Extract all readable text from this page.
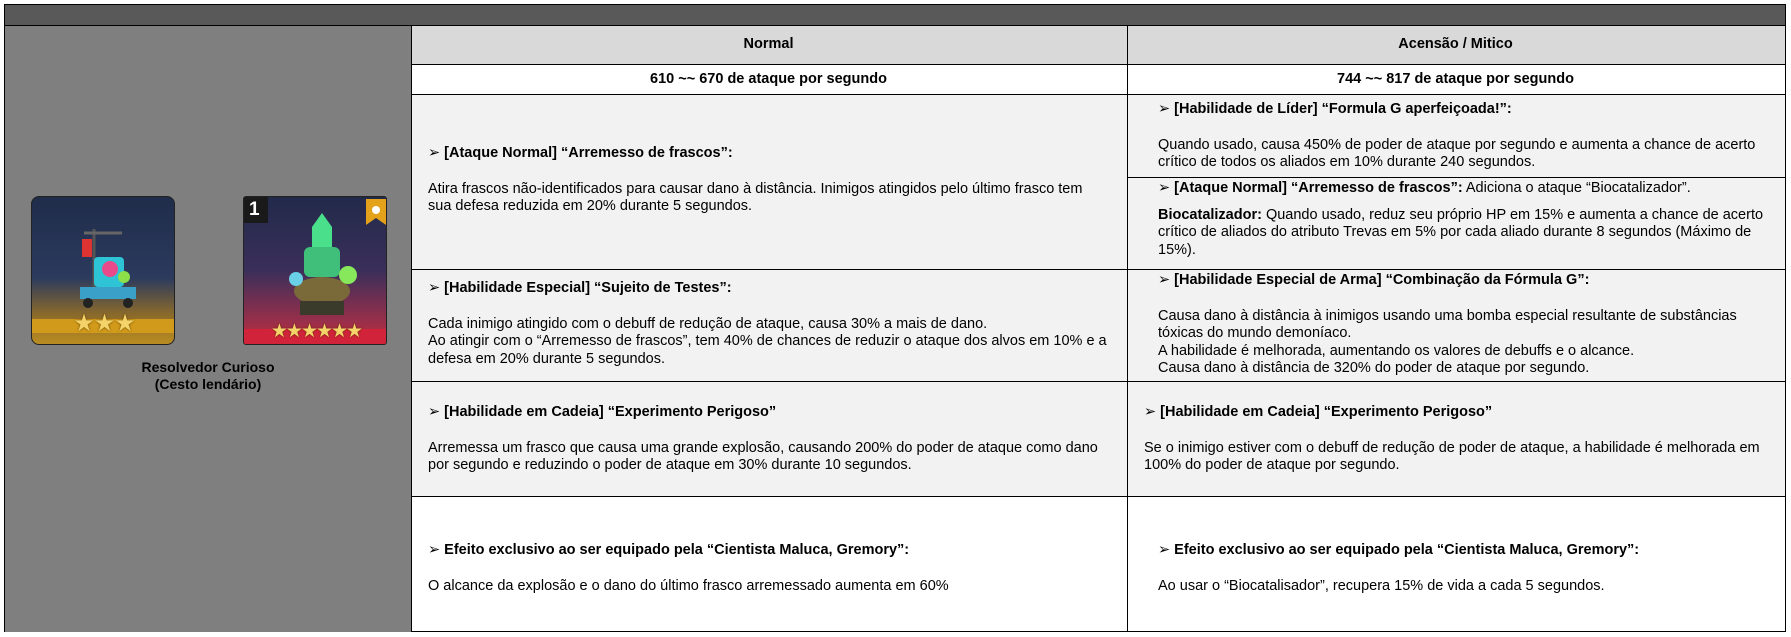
★★★
1
★★★★★★
Resolvedor Curioso
(Cesto lendário)
Normal	Acensão / Mitico
610 ~~ 670 de ataque por segundo	744 ~~ 817 de ataque por segundo
➢ [Ataque Normal] “Arremesso de frascos”:

Atira frascos não-identificados para causar dano à distância. Inimigos atingidos pelo último frasco tem sua defesa reduzida em 20% durante 5 segundos.

➢ [Habilidade de Líder] “Formula G aperfeiçoada!”:

Quando usado, causa 450% de poder de ataque por segundo e aumenta a chance de acerto crítico de todos os aliados em 10% durante 240 segundos.

➢ [Ataque Normal] “Arremesso de frascos”: Adiciona o ataque “Biocatalizador”.

Biocatalizador: Quando usado, reduz seu próprio HP em 15% e aumenta a chance de acerto crítico de aliados do atributo Trevas em 5% por cada aliado durante 8 segundos (Máximo de 15%).

➢ [Habilidade Especial] “Sujeito de Testes”:

Cada inimigo atingido com o debuff de redução de ataque, causa 30% a mais de dano.

Ao atingir com o “Arremesso de frascos”, tem 40% de chances de reduzir o ataque dos alvos em 10% e a defesa em 20% durante 5 segundos.

➢ [Habilidade Especial de Arma] “Combinação da Fórmula G”:

Causa dano à distância à inimigos usando uma bomba especial resultante de substâncias tóxicas do mundo demoníaco.

A habilidade é melhorada, aumentando os valores de debuffs e o alcance.

Causa dano à distância de 320% do poder de ataque por segundo.

➢ [Habilidade em Cadeia] “Experimento Perigoso”

Arremessa um frasco que causa uma grande explosão, causando 200% do poder de ataque como dano por segundo e reduzindo o poder de ataque em 30% durante 10 segundos.

➢ [Habilidade em Cadeia] “Experimento Perigoso”

Se o inimigo estiver com o debuff de redução de poder de ataque, a habilidade é melhorada em 100% do poder de ataque por segundo.

➢ Efeito exclusivo ao ser equipado pela “Cientista Maluca, Gremory”:

O alcance da explosão e o dano do último frasco arremessado aumenta em 60%

➢ Efeito exclusivo ao ser equipado pela “Cientista Maluca, Gremory”:

Ao usar o “Biocatalisador”, recupera 15% de vida a cada 5 segundos.
